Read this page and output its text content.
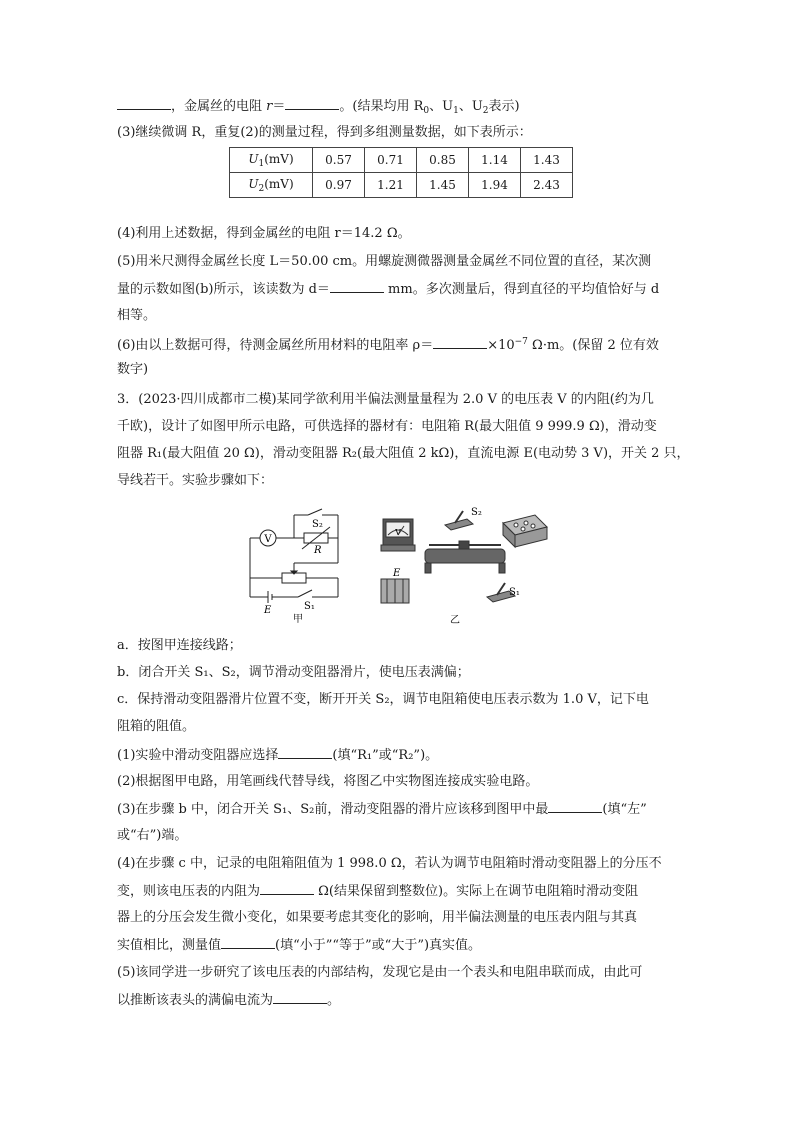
，金属丝的电阻 r＝	。(结果均用 $R_0$、$U_1$、$U_2$表示)
(3)继续微调 R，重复(2)的测量过程，得到多组测量数据，如下表所示：
$U_1(mV)$	0.57	0.71	0.85	1.14	1.43
$U_2(mV)$	0.97	1.21	1.45	1.94	2.43
(4)利用上述数据，得到金属丝的电阻 r＝14.2 Ω。
(5)用米尺测得金属丝长度 L＝50.00 cm。用螺旋测微器测量金属丝不同位置的直径，某次测
量的示数如图(b)所示，该读数为 d＝	mm。多次测量后，得到直径的平均值恰好与 d
相等。
(6)由以上数据可得，待测金属丝所用材料的电阻率 ρ＝	$\times 10^{-7}$ Ω·m。(保留 2 位有效
数字)
3．(2023·四川成都市二模)某同学欲利用半偏法测量量程为 2.0 V 的电压表 V 的内阻(约为几
千欧)，设计了如图甲所示电路，可供选择的器材有：电阻箱 R(最大阻值 9 999.9 Ω)，滑动变
阻器 R₁(最大阻值 20 Ω)，滑动变阻器 R₂(最大阻值 2 kΩ)，直流电源 E(电动势 3 V)，开关 2 只，
导线若干。实验步骤如下：
V
S₂
R
E	S₁
甲
V
S₂
E
S₁
乙
a．按图甲连接线路；
b．闭合开关 S₁、S₂，调节滑动变阻器滑片，使电压表满偏；
c．保持滑动变阻器滑片位置不变，断开开关 S₂，调节电阻箱使电压表示数为 1.0 V，记下电
阻箱的阻值。
(1)实验中滑动变阻器应选择	(填“R₁”或“R₂”)。
(2)根据图甲电路，用笔画线代替导线，将图乙中实物图连接成实验电路。
(3)在步骤 b 中，闭合开关 S₁、S₂前，滑动变阻器的滑片应该移到图甲中最	(填“左”
或“右”)端。
(4)在步骤 c 中，记录的电阻箱阻值为 1 998.0 Ω，若认为调节电阻箱时滑动变阻器上的分压不
变，则该电压表的内阻为	Ω(结果保留到整数位)。实际上在调节电阻箱时滑动变阻
器上的分压会发生微小变化，如果要考虑其变化的影响，用半偏法测量的电压表内阻与其真
实值相比，测量值	(填“小于”“等于”或“大于”)真实值。
(5)该同学进一步研究了该电压表的内部结构，发现它是由一个表头和电阻串联而成，由此可
以推断该表头的满偏电流为	。
